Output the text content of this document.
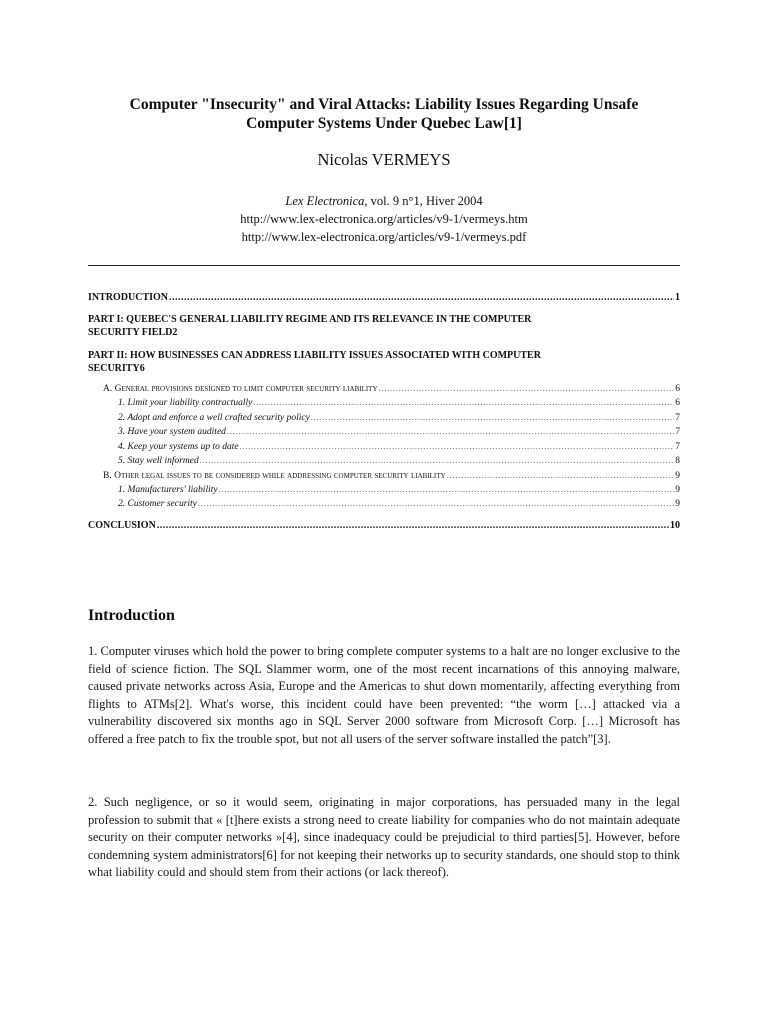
Computer "Insecurity" and Viral Attacks: Liability Issues Regarding Unsafe
Computer Systems Under Quebec Law[1]
Nicolas VERMEYS
Lex Electronica, vol. 9 n°1, Hiver 2004
http://www.lex-electronica.org/articles/v9-1/vermeys.htm
http://www.lex-electronica.org/articles/v9-1/vermeys.pdf
INTRODUCTION .....	1
PART I: QUEBEC'S GENERAL LIABILITY REGIME AND ITS RELEVANCE IN THE COMPUTER
SECURITY FIELD 2
PART II: HOW BUSINESSES CAN ADDRESS LIABILITY ISSUES ASSOCIATED WITH COMPUTER
SECURITY 6
A. General provisions designed to limit computer security liability .....	6
1. Limit your liability contractually .....	6
2. Adopt and enforce a well crafted security policy .....	7
3. Have your system audited .....	7
4. Keep your systems up to date .....	7
5. Stay well informed .....	8
B. Other legal issues to be considered while addressing computer security liability .....	9
1. Manufacturers' liability .....	9
2. Customer security .....	9
CONCLUSION .....	10
Introduction

1. Computer viruses which hold the power to bring complete computer systems to a halt are no longer exclusive to the field of science fiction. The SQL Slammer worm, one of the most recent incarnations of this annoying malware, caused private networks across Asia, Europe and the Americas to shut down momentarily, affecting everything from flights to ATMs[2]. What's worse, this incident could have been prevented: “the worm […] attacked via a vulnerability discovered six months ago in SQL Server 2000 software from Microsoft Corp. […] Microsoft has offered a free patch to fix the trouble spot, but not all users of the server software installed the patch”[3].

2. Such negligence, or so it would seem, originating in major corporations, has persuaded many in the legal profession to submit that « [t]here exists a strong need to create liability for companies who do not maintain adequate security on their computer networks »[4], since inadequacy could be prejudicial to third parties[5]. However, before condemning system administrators[6] for not keeping their networks up to security standards, one should stop to think what liability could and should stem from their actions (or lack thereof).
